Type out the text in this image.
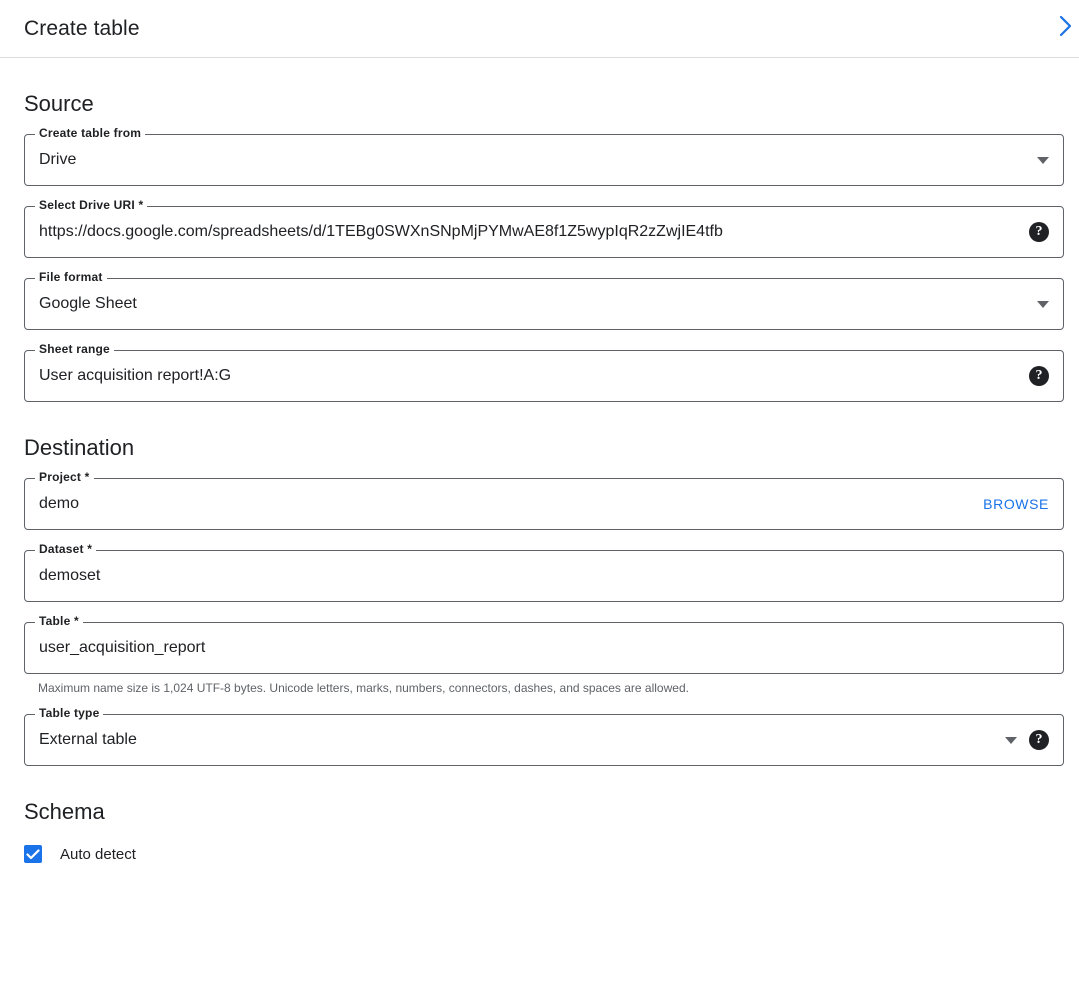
Create table
Source
Create table from
Drive
Select Drive URI *
https://docs.google.com/spreadsheets/d/1TEBg0SWXnSNpMjPYMwAE8f1Z5wypIqR2zZwjIE4tfb	?
File format
Google Sheet
Sheet range
User acquisition report!A:G	?
Destination
Project *
demo	BROWSE
Dataset *
demoset
Table *
user_acquisition_report
Maximum name size is 1,024 UTF-8 bytes. Unicode letters, marks, numbers, connectors, dashes, and spaces are allowed.
Table type
External table	?
Schema
Auto detect
